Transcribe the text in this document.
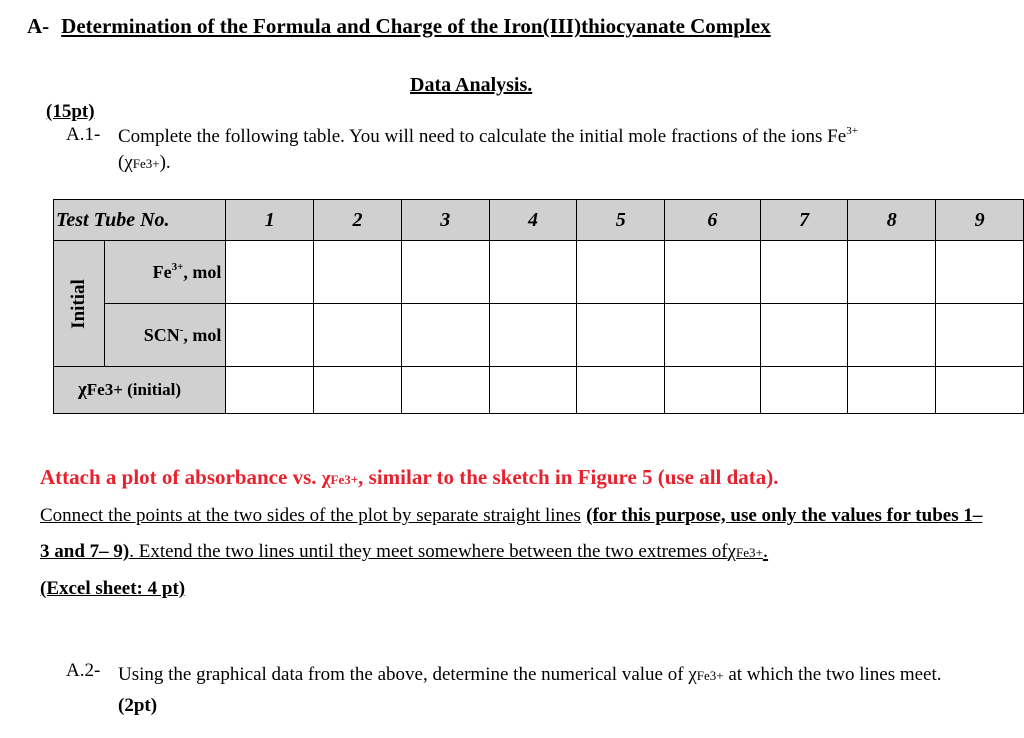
A- Determination of the Formula and Charge of the Iron(III)thiocyanate Complex
Data Analysis.
(15pt)
A.1- Complete the following table. You will need to calculate the initial mole fractions of the ions $Fe^{3+}$
(χFe3+).
Test Tube No.		1	2	3	4	5	6	7	8	9
Initial	$Fe^{3+}$, mol									
	SCN-, mol									
χFe3+ (initial)										
Attach a plot of absorbance vs. χFe3+, similar to the sketch in Figure 5 (use all data).
Connect the points at the two sides of the plot by separate straight lines (for this purpose, use only the values for tubes 1– 3 and 7– 9). Extend the two lines until they meet somewhere between the two extremes ofχFe3+.
(Excel sheet: 4 pt)
A.2- Using the graphical data from the above, determine the numerical value of χFe3+ at which the two lines meet. (2pt)
